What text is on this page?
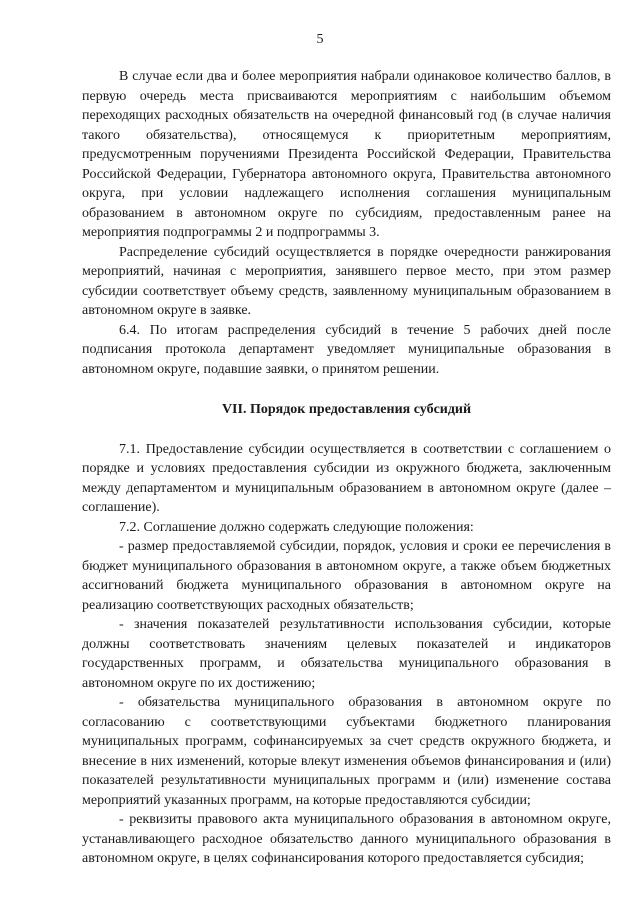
5

В случае если два и более мероприятия набрали одинаковое количество баллов, в первую очередь места присваиваются мероприятиям с наибольшим объемом переходящих расходных обязательств на очередной финансовый год (в случае наличия такого обязательства), относящемуся к приоритетным мероприятиям, предусмотренным поручениями Президента Российской Федерации, Правительства Российской Федерации, Губернатора автономного округа, Правительства автономного округа, при условии надлежащего исполнения соглашения муниципальным образованием в автономном округе по субсидиям, предоставленным ранее на мероприятия подпрограммы 2 и подпрограммы 3.

Распределение субсидий осуществляется в порядке очередности ранжирования мероприятий, начиная с мероприятия, занявшего первое место, при этом размер субсидии соответствует объему средств, заявленному муниципальным образованием в автономном округе в заявке.

6.4. По итогам распределения субсидий в течение 5 рабочих дней после подписания протокола департамент уведомляет муниципальные образования в автономном округе, подавшие заявки, о принятом решении.

VII. Порядок предоставления субсидий

7.1. Предоставление субсидии осуществляется в соответствии с соглашением о порядке и условиях предоставления субсидии из окружного бюджета, заключенным между департаментом и муниципальным образованием в автономном округе (далее – соглашение).

7.2. Соглашение должно содержать следующие положения:

- размер предоставляемой субсидии, порядок, условия и сроки ее перечисления в бюджет муниципального образования в автономном округе, а также объем бюджетных ассигнований бюджета муниципального образования в автономном округе на реализацию соответствующих расходных обязательств;

- значения показателей результативности использования субсидии, которые должны соответствовать значениям целевых показателей и индикаторов государственных программ, и обязательства муниципального образования в автономном округе по их достижению;

- обязательства муниципального образования в автономном округе по согласованию с соответствующими субъектами бюджетного планирования муниципальных программ, софинансируемых за счет средств окружного бюджета, и внесение в них изменений, которые влекут изменения объемов финансирования и (или) показателей результативности муниципальных программ и (или) изменение состава мероприятий указанных программ, на которые предоставляются субсидии;

- реквизиты правового акта муниципального образования в автономном округе, устанавливающего расходное обязательство данного муниципального образования в автономном округе, в целях софинансирования которого предоставляется субсидия;
